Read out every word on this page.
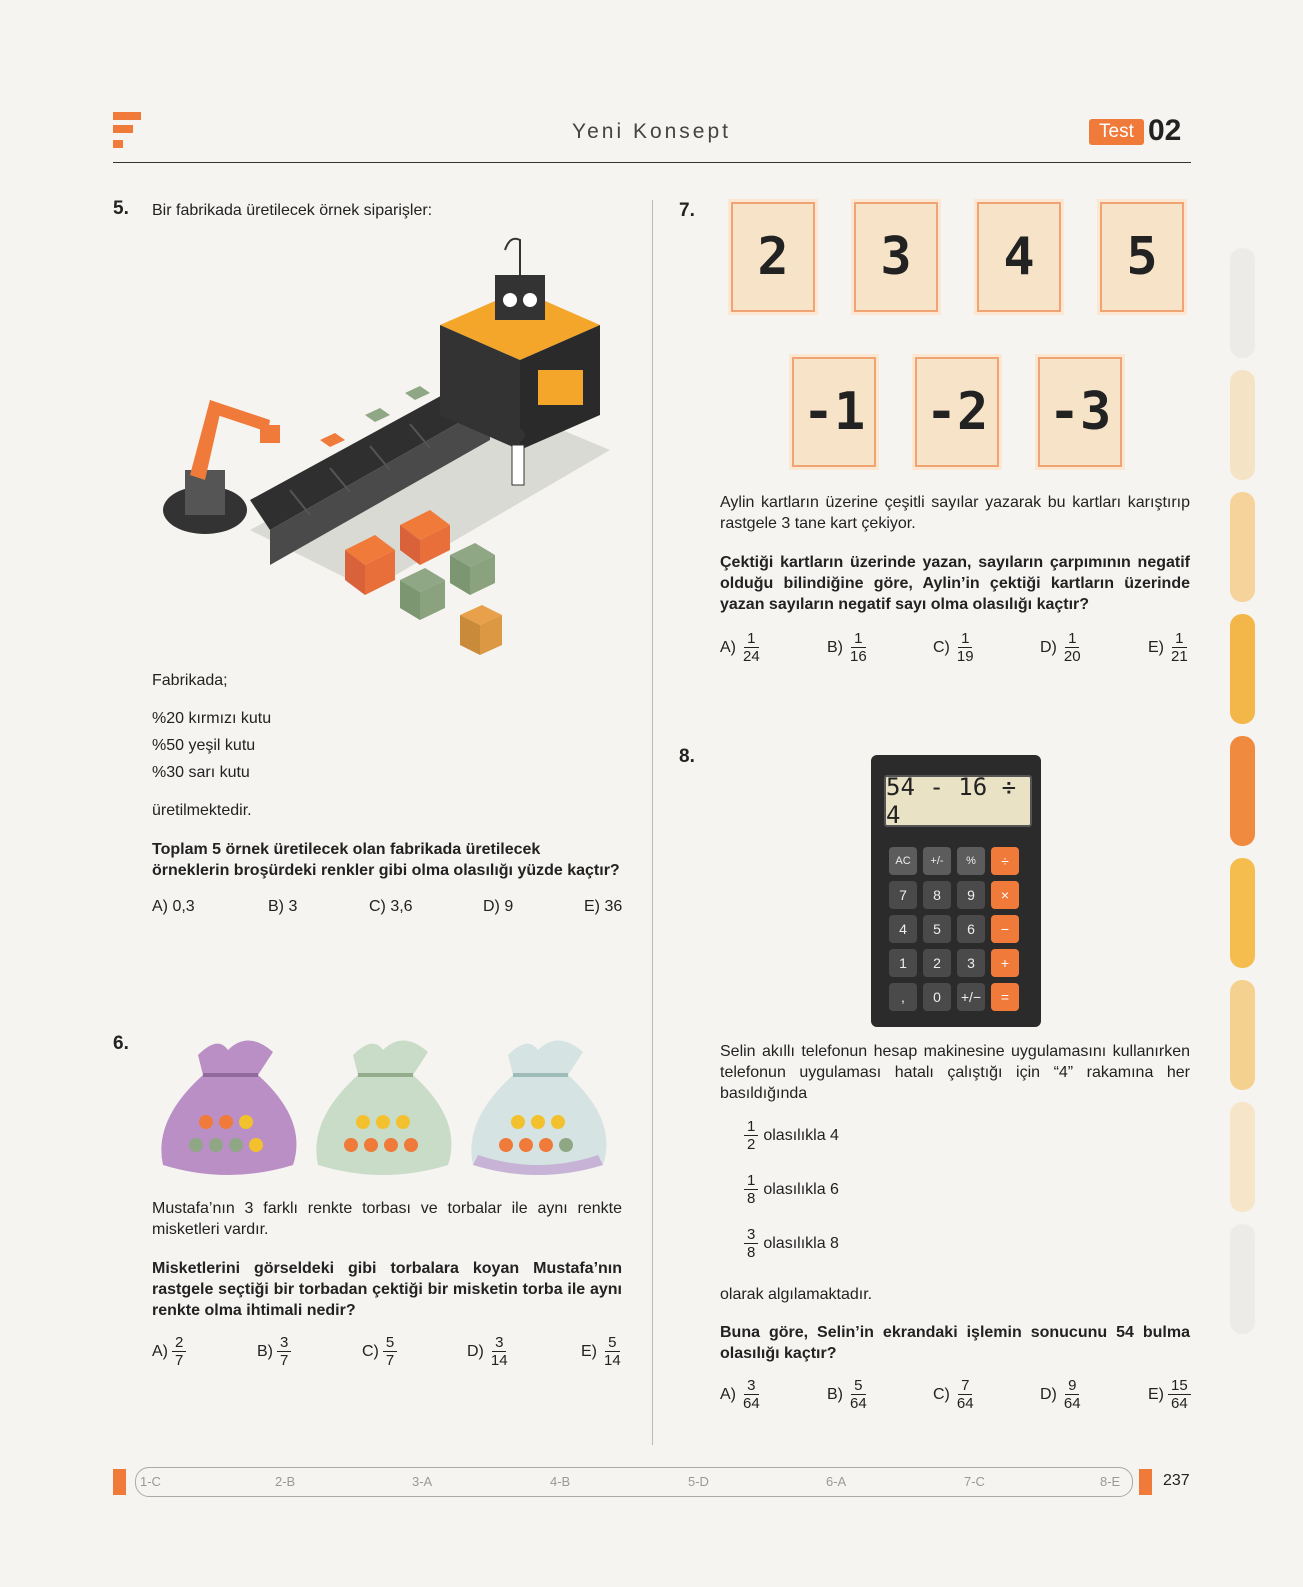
Yeni Konsept	Test 02
5. Bir fabrikada üretilecek örnek siparişler:
Fabrikada;
%20 kırmızı kutu
%50 yeşil kutu
%30 sarı kutu
üretilmektedir.
Toplam 5 örnek üretilecek olan fabrikada üretilecek örneklerin broşürdeki renkler gibi olma olasılığı yüzde kaçtır?
A) 0,3	B) 3	C) 3,6	D) 9	E) 36
6.
Mustafa’nın 3 farklı renkte torbası ve torbalar ile aynı renkte misketleri vardır.
Misketlerini görseldeki gibi torbalara koyan Mustafa’nın rastgele seçtiği bir torbadan çektiği bir misketin torba ile aynı renkte olma ihtimali nedir?
$A) \frac{2}{7}$	$B) \frac{3}{7}$	$C) \frac{5}{7}$	$D) \frac{3}{14}$	$E) \frac{5}{14}$
7.
2	3	4	5
-1 -2 -3
Aylin kartların üzerine çeşitli sayılar yazarak bu kartları karıştırıp rastgele 3 tane kart çekiyor.
Çektiği kartların üzerinde yazan, sayıların çarpımının negatif olduğu bilindiğine göre, Aylin’in çektiği kartların üzerinde yazan sayıların negatif sayı olma olasılığı kaçtır?
$A) \frac{1}{24}$	$B) \frac{1}{16}$	$C) \frac{1}{19}$	$D) \frac{1}{20}$	$E) \frac{1}{21}$
8.
54 - 16 ÷ 4
AC	+/-	%	÷
7	8	9	×
4	5	6	−
1	2	3	+
,	0	+/−	=
Selin akıllı telefonun hesap makinesine uygulamasını kullanırken telefonun uygulaması hatalı çalıştığı için “4” rakamına her basıldığında
$\frac{1}{2}$ olasılıkla 4
$\frac{1}{8}$ olasılıkla 6
$\frac{3}{8}$ olasılıkla 8
olarak algılamaktadır.
Buna göre, Selin’in ekrandaki işlemin sonucunu 54 bulma olasılığı kaçtır?
$A) \frac{3}{64}$	$B) \frac{5}{64}$	$C) \frac{7}{64}$	$D) \frac{9}{64}$	$E) \frac{15}{64}$
1-C	2-B	3-A	4-B	5-D	6-A	7-C	8-E	237
